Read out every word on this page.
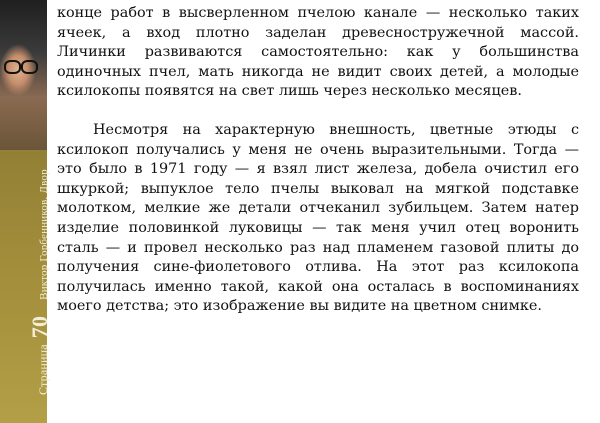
Страница
70
Виктор Горбенников. Двор

конце работ в высверленном пчелою канале — несколько таких ячеек, а вход плотно заделан древесностружечной массой. Личинки развиваются самостоятельно: как у большинства одиночных пчел, мать никогда не видит своих детей, а молодые ксилокопы появятся на свет лишь через несколько месяцев.

Несмотря на характерную внешность, цветные этюды с ксилокоп получались у меня не очень выразительными. Тогда — это было в 1971 году — я взял лист железа, добела очистил его шкуркой; выпуклое тело пчелы выковал на мягкой подставке молотком, мелкие же детали отчеканил зубильцем. Затем натер изделие половинкой луковицы — так меня учил отец воронить сталь — и провел несколько раз над пламенем газовой плиты до получения сине-фиолетового отлива. На этот раз ксилокопа получилась именно такой, какой она осталась в воспоминаниях моего детства; это изображение вы видите на цветном снимке.
